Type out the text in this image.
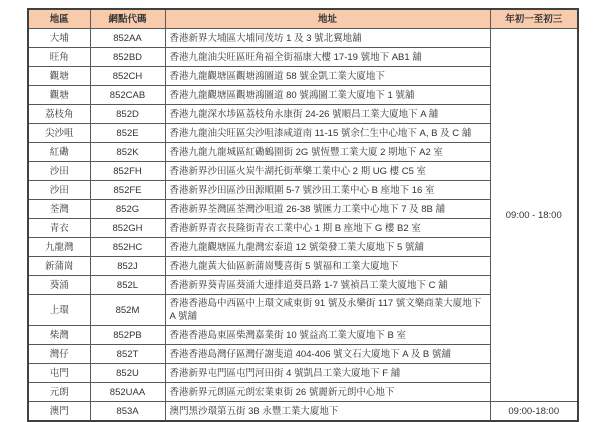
地區	網點代碼	地址	年初一至初三
大埔	852AA	香港新界大埔區大埔同茂坊 1 及 3 號北翼地舖	09:00 - 18:00
旺角	852BD	香港九龍油尖旺區旺角福全街福康大樓 17-19 號地下 AB1 舖	
觀塘	852CH	香港九龍觀塘區觀塘鴻圖道 58 號金凱工業大廈地下	
觀塘	852CAB	香港九龍觀塘區觀塘鴻圖道 80 號鴻圖工業大廈地下 1 號舖	
荔枝角	852D	香港九龍深水埗區荔枝角永康街 24-26 號順昌工業大廈地下 A 舖	
尖沙咀	852E	香港九龍油尖旺區尖沙咀漆咸道南 11-15 號余仁生中心地下 A, B 及 C 舖	
紅磡	852K	香港九龍九龍城區紅磡鶴園街 2G 號恆豐工業大廈 2 期地下 A2 室	
沙田	852FH	香港新界沙田區火炭牛湖托街華樂工業中心 2 期 UG 樓 C5 室	
沙田	852FE	香港新界沙田區沙田源順圍 5-7 號沙田工業中心 B 座地下 16 室	
荃灣	852G	香港新界荃灣區荃灣沙咀道 26-38 號匯力工業中心地下 7 及 8B 舖	
青衣	852GH	香港新界青衣長隆街青衣工業中心 1 期 B 座地下 G 樓 B2 室	
九龍灣	852HC	香港九龍觀塘區九龍灣宏泰道 12 號榮發工業大廈地下 5 號舖	
新蒲崗	852J	香港九龍黃大仙區新蒲崗雙喜街 5 號福和工業大廈地下	
葵涌	852L	香港新界葵青區葵涌大連排道葵昌路 1-7 號禎昌工業大廈地下 C 舖	
上環	852M	香港香港島中西區中上環文咸東街 91 號及永樂街 117 號文樂商業大廈地下 A 號舖	
柴灣	852PB	香港香港島東區柴灣嘉業街 10 號益高工業大廈地下 B 室	
灣仔	852T	香港香港島灣仔區灣仔謝斐道 404-406 號文石大廈地下 A 及 B 號舖	
屯門	852U	香港新界屯門區屯門河田街 4 號凱昌工業大廈地下 F 舖	
元朗	852UAA	香港新界元朗區元朗宏業東街 26 號麗新元朗中心地下	
澳門	853A	澳門黑沙環第五街 3B 永豐工業大廈地下	09:00-18:00
